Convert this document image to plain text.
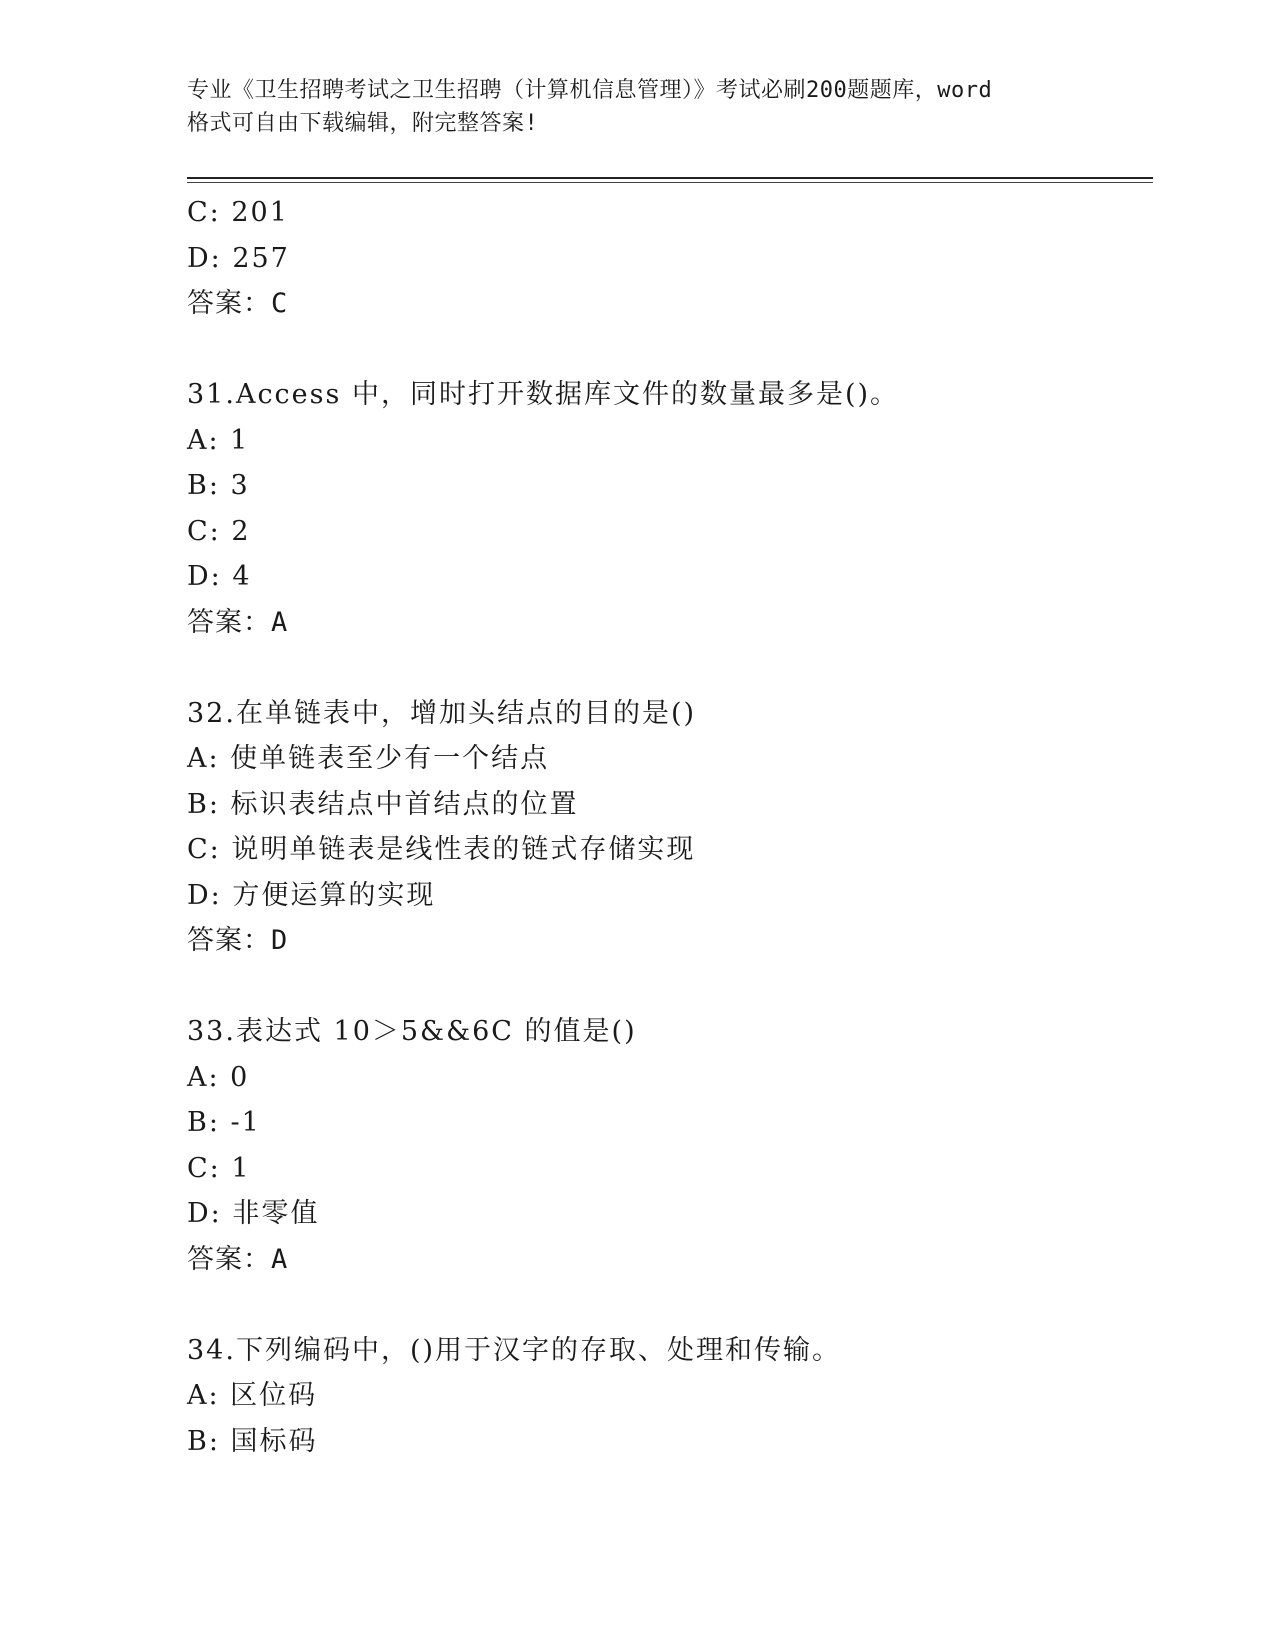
专业《卫生招聘考试之卫生招聘（计算机信息管理）》考试必刷200题题库，word
格式可自由下载编辑，附完整答案!
C: 201
D: 257
答案：C
31.Access 中，同时打开数据库文件的数量最多是()。
A: 1
B: 3
C: 2
D: 4
答案：A
32.在单链表中，增加头结点的目的是()
A: 使单链表至少有一个结点
B: 标识表结点中首结点的位置
C: 说明单链表是线性表的链式存储实现
D: 方便运算的实现
答案：D
33.表达式 10＞5&&6C 的值是()
A: 0
B: -1
C: 1
D: 非零值
答案：A
34.下列编码中，()用于汉字的存取、处理和传输。
A: 区位码
B: 国标码
